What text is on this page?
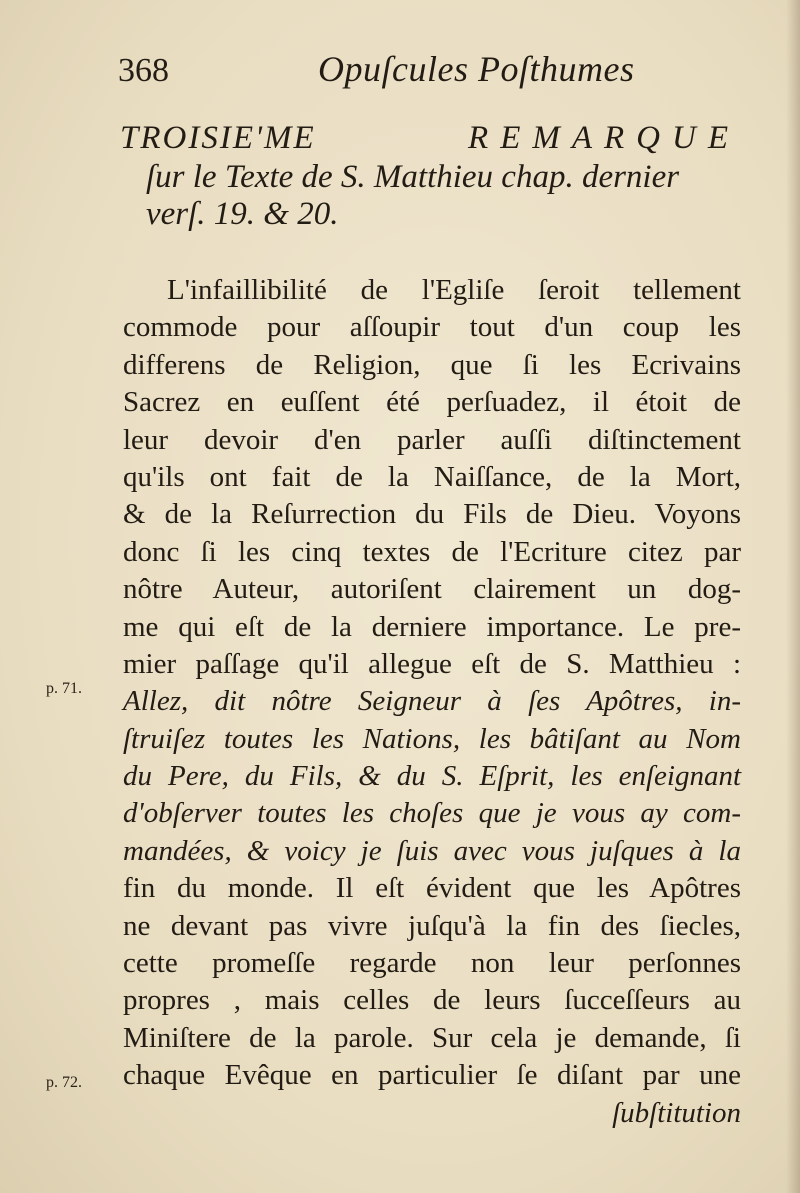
368	Opuſcules Poſthumes
TROISIE'ME	REMARQUE
ſur le Texte de S. Matthieu chap. dernier
verſ. 19. & 20.
L'infaillibilité de l'Egliſe ſeroit tellement
commode pour aſſoupir tout d'un coup les
differens de Religion, que ſi les Ecrivains
Sacrez en euſſent été perſuadez, il étoit de
leur devoir d'en parler auſſi diſtinctement
qu'ils ont fait de la Naiſſance, de la Mort,
& de la Reſurrection du Fils de Dieu. Voyons
donc ſi les cinq textes de l'Ecriture citez par
nôtre Auteur, autoriſent clairement un dog-
me qui eſt de la derniere importance. Le pre-
mier paſſage qu'il allegue eſt de S. Matthieu :
Allez, dit nôtre Seigneur à ſes Apôtres, in-
ſtruiſez toutes les Nations, les bâtiſant au Nom
du Pere, du Fils, & du S. Eſprit, les enſeignant
d'obſerver toutes les choſes que je vous ay com-
mandées, & voicy je ſuis avec vous juſques à la
fin du monde. Il eſt évident que les Apôtres
ne devant pas vivre juſqu'à la fin des ſiecles,
cette promeſſe regarde non leur perſonnes
propres , mais celles de leurs ſucceſſeurs au
Miniſtere de la parole. Sur cela je demande, ſi
chaque Evêque en particulier ſe diſant par une
ſubſtitution
p. 71.
p. 72.
